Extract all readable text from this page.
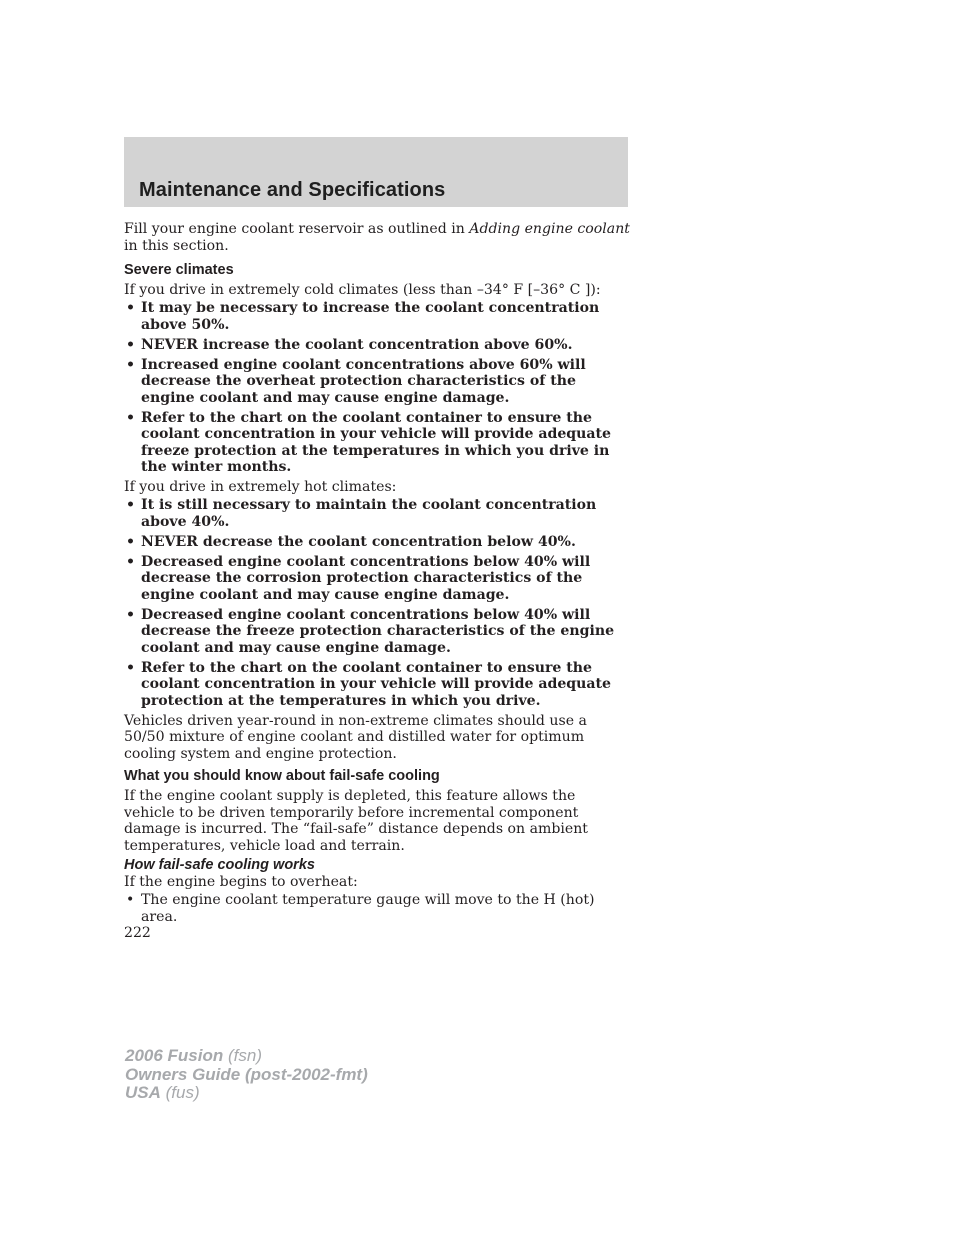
Maintenance and Specifications

Fill your engine coolant reservoir as outlined in Adding engine coolant in this section.

Severe climates

If you drive in extremely cold climates (less than –34° F [–36° C ]):

• It may be necessary to increase the coolant concentration above 50%.
• NEVER increase the coolant concentration above 60%.
• Increased engine coolant concentrations above 60% will decrease the overheat protection characteristics of the engine coolant and may cause engine damage.
• Refer to the chart on the coolant container to ensure the coolant concentration in your vehicle will provide adequate freeze protection at the temperatures in which you drive in the winter months.

If you drive in extremely hot climates:

• It is still necessary to maintain the coolant concentration above 40%.
• NEVER decrease the coolant concentration below 40%.
• Decreased engine coolant concentrations below 40% will decrease the corrosion protection characteristics of the engine coolant and may cause engine damage.
• Decreased engine coolant concentrations below 40% will decrease the freeze protection characteristics of the engine coolant and may cause engine damage.
• Refer to the chart on the coolant container to ensure the coolant concentration in your vehicle will provide adequate protection at the temperatures in which you drive.

Vehicles driven year-round in non-extreme climates should use a 50/50 mixture of engine coolant and distilled water for optimum cooling system and engine protection.

What you should know about fail-safe cooling

If the engine coolant supply is depleted, this feature allows the vehicle to be driven temporarily before incremental component damage is incurred. The “fail-safe” distance depends on ambient temperatures, vehicle load and terrain.

How fail-safe cooling works

If the engine begins to overheat:

• The engine coolant temperature gauge will move to the H (hot) area.
222
2006 Fusion (fsn)
Owners Guide (post-2002-fmt)
USA (fus)
